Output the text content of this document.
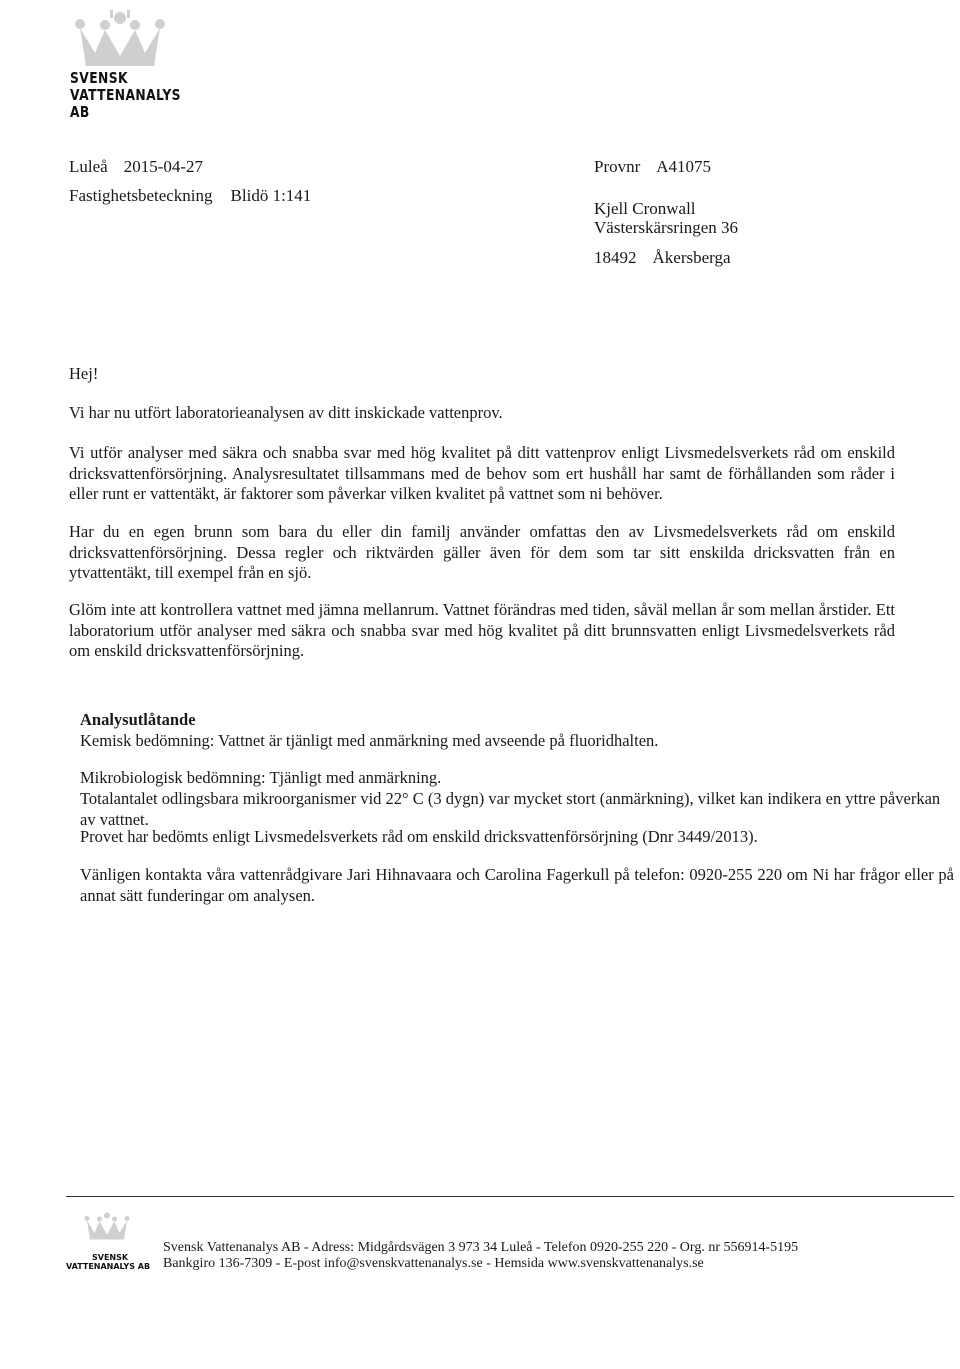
SVENSK
VATTENANALYS AB
Luleå 2015-04-27
Fastighetsbeteckning Blidö 1:141
Provnr A41075
Kjell Cronwall
Västerskärsringen 36
18492 Åkersberga
Hej!
Vi har nu utfört laboratorieanalysen av ditt inskickade vattenprov.
Vi utför analyser med säkra och snabba svar med hög kvalitet på ditt vattenprov enligt Livsmedelsverkets råd om enskild dricksvattenförsörjning. Analysresultatet tillsammans med de behov som ert hushåll har samt de förhållanden som råder i eller runt er vattentäkt, är faktorer som påverkar vilken kvalitet på vattnet som ni behöver.
Har du en egen brunn som bara du eller din familj använder omfattas den av Livsmedelsverkets råd om enskild dricksvattenförsörjning. Dessa regler och riktvärden gäller även för dem som tar sitt enskilda dricksvatten från en ytvattentäkt, till exempel från en sjö.
Glöm inte att kontrollera vattnet med jämna mellanrum. Vattnet förändras med tiden, såväl mellan år som mellan årstider. Ett laboratorium utför analyser med säkra och snabba svar med hög kvalitet på ditt brunnsvatten enligt Livsmedelsverkets råd om enskild dricksvattenförsörjning.
Analysutlåtande
Kemisk bedömning: Vattnet är tjänligt med anmärkning med avseende på fluoridhalten.
Mikrobiologisk bedömning: Tjänligt med anmärkning.
Totalantalet odlingsbara mikroorganismer vid 22° C (3 dygn) var mycket stort (anmärkning), vilket kan indikera en yttre påverkan av vattnet.
Provet har bedömts enligt Livsmedelsverkets råd om enskild dricksvattenförsörjning (Dnr 3449/2013).
Vänligen kontakta våra vattenrådgivare Jari Hihnavaara och Carolina Fagerkull på telefon: 0920-255 220 om Ni har frågor eller på annat sätt funderingar om analysen.
SVENSK
VATTENANALYS AB
Svensk Vattenanalys AB - Adress: Midgårdsvägen 3 973 34 Luleå - Telefon 0920-255 220 - Org. nr 556914-5195
Bankgiro 136-7309 - E-post info@svenskvattenanalys.se - Hemsida www.svenskvattenanalys.se
